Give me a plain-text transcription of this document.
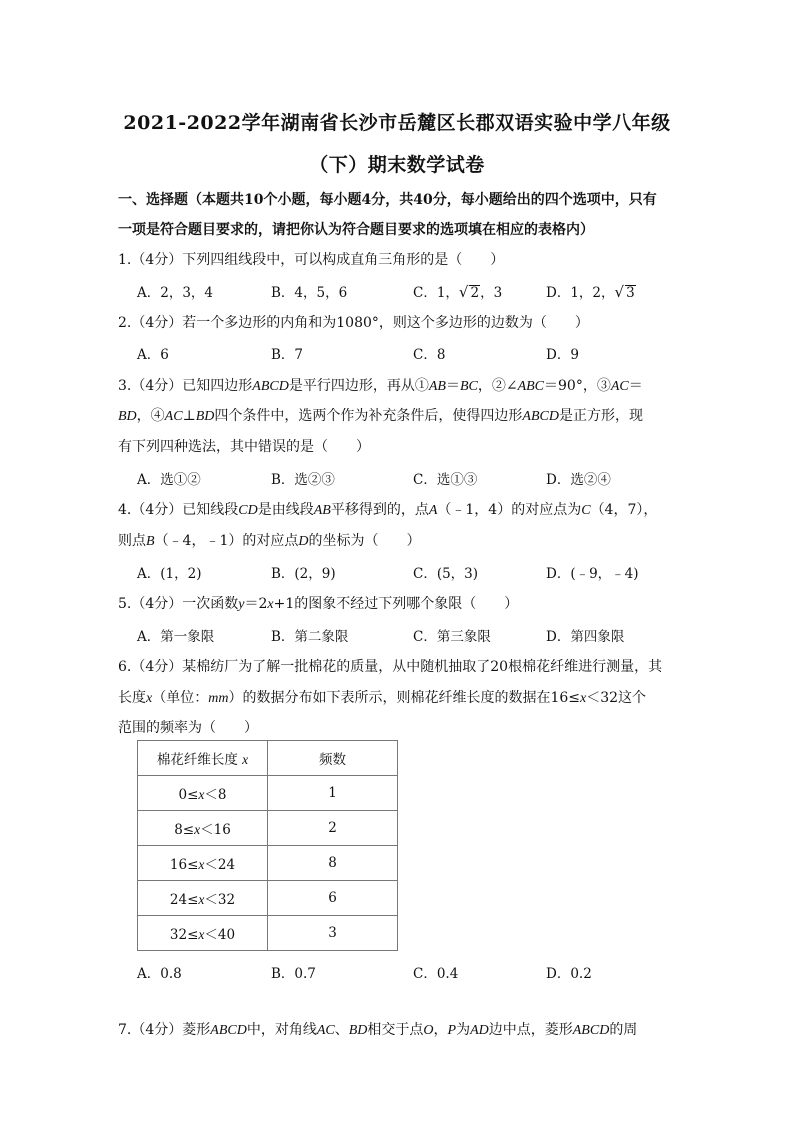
2021-2022学年湖南省长沙市岳麓区长郡双语实验中学八年级
（下）期末数学试卷
一、选择题（本题共10个小题，每小题4分，共40分，每小题给出的四个选项中，只有
一项是符合题目要求的，请把你认为符合题目要求的选项填在相应的表格内）
1.（4分）下列四组线段中，可以构成直角三角形的是（　　）
A．2，3，4	B．4，5，6	C．1，√ 2，3	D．1，2，√ 3
2.（4分）若一个多边形的内角和为1080°，则这个多边形的边数为（　　）
A．6	B．7	C．8	D．9
3.（4分）已知四边形ABCD是平行四边形，再从①AB＝BC，②∠ABC＝90°，③AC＝
BD，④AC⊥BD四个条件中，选两个作为补充条件后，使得四边形ABCD是正方形，现
有下列四种选法，其中错误的是（　　）
A．选①②	B．选②③	C．选①③	D．选②④
4.（4分）已知线段CD是由线段AB平移得到的，点A（﹣1，4）的对应点为C（4，7），
则点B（﹣4，﹣1）的对应点D的坐标为（　　）
A．(1，2)	B．(2，9)	C．(5，3)	D．(﹣9，﹣4)
5.（4分）一次函数y＝2x+1的图象不经过下列哪个象限（　　）
A．第一象限	B．第二象限	C．第三象限	D．第四象限
6.（4分）某棉纺厂为了解一批棉花的质量，从中随机抽取了20根棉花纤维进行测量，其
长度x（单位：mm）的数据分布如下表所示，则棉花纤维长度的数据在16≤x＜32这个
范围的频率为（　　）
棉花纤维长度 x	频数
0≤x＜8	1
8≤x＜16	2
16≤x＜24	8
24≤x＜32	6
32≤x＜40	3
A．0.8	B．0.7	C．0.4	D．0.2
7.（4分）菱形ABCD中，对角线AC、BD相交于点O，P为AD边中点，菱形ABCD的周
